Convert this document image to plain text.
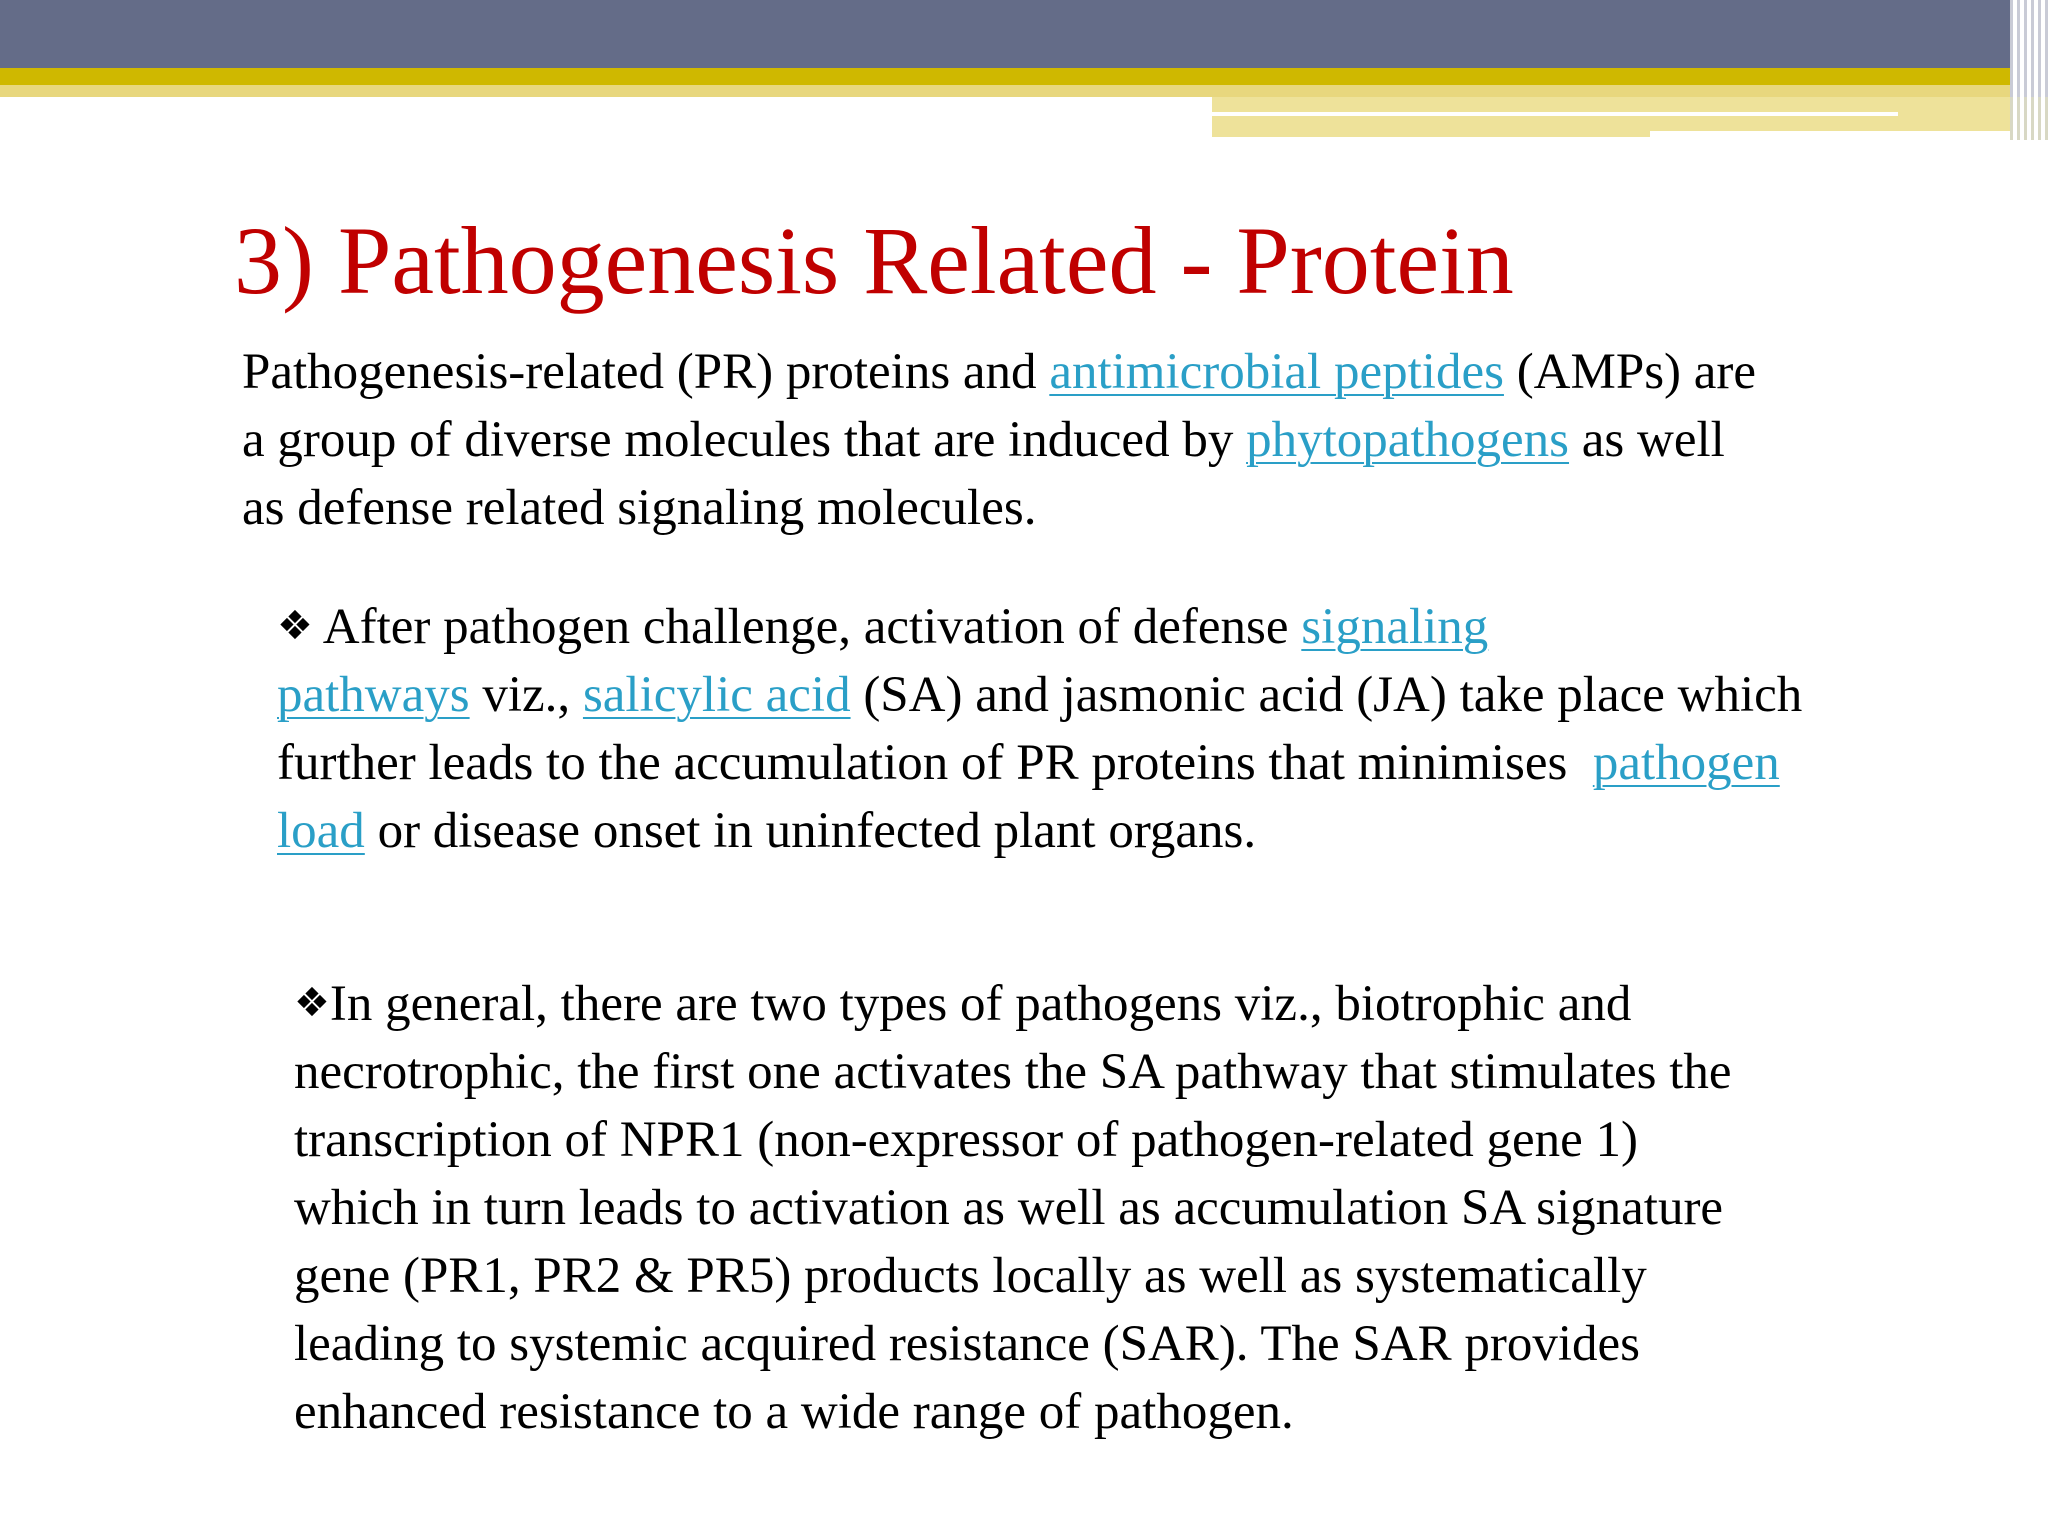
3) Pathogenesis Related - Protein

Pathogenesis-related (PR) proteins and antimicrobial peptides (AMPs) are
a group of diverse molecules that are induced by phytopathogens as well
as defense related signaling molecules.

❖ After pathogen challenge, activation of defense signaling
pathways viz., salicylic acid (SA) and jasmonic acid (JA) take place which
further leads to the accumulation of PR proteins that minimises  pathogen
load or disease onset in uninfected plant organs.

❖In general, there are two types of pathogens viz., biotrophic and
necrotrophic, the first one activates the SA pathway that stimulates the
transcription of NPR1 (non-expressor of pathogen-related gene 1)
which in turn leads to activation as well as accumulation SA signature
gene (PR1, PR2 & PR5) products locally as well as systematically
leading to systemic acquired resistance (SAR). The SAR provides
enhanced resistance to a wide range of pathogen.
